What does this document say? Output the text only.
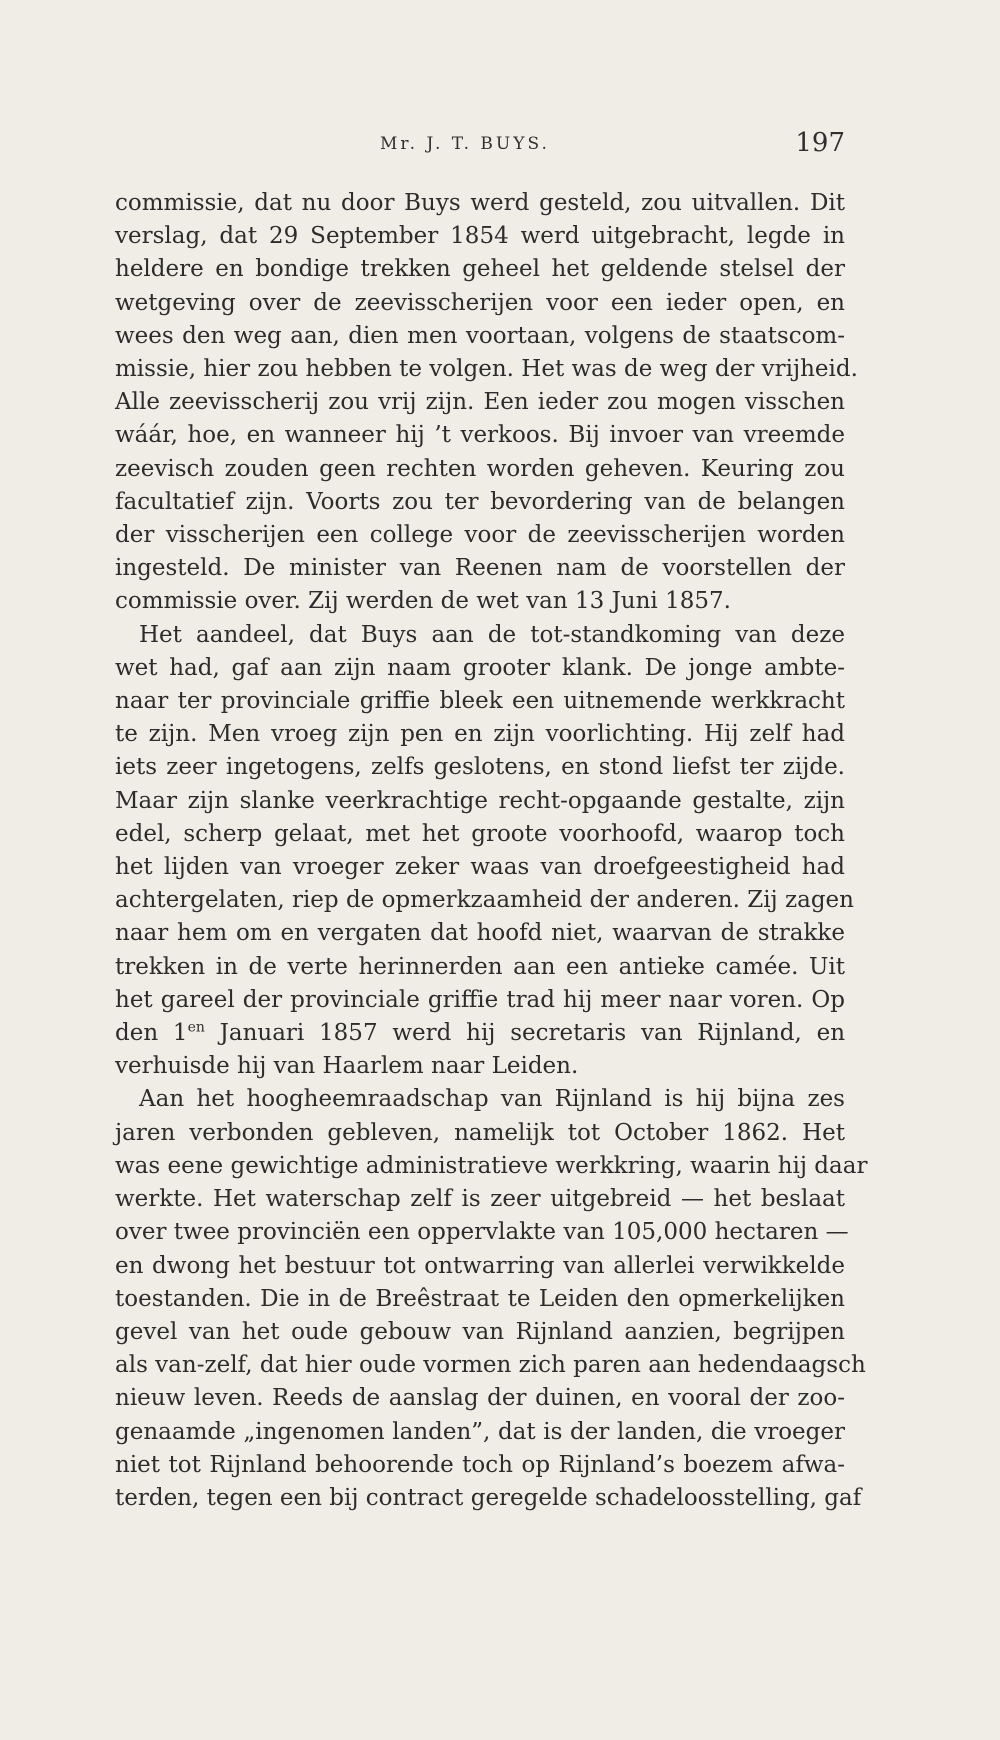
Mr. J. T. BUYS.	197
commissie, dat nu door Buys werd gesteld, zou uitvallen. Dit
verslag, dat 29 September 1854 werd uitgebracht, legde in
heldere en bondige trekken geheel het geldende stelsel der
wetgeving over de zeevisscherijen voor een ieder open, en
wees den weg aan, dien men voortaan, volgens de staatscom-
missie, hier zou hebben te volgen. Het was de weg der vrijheid.
Alle zeevisscherij zou vrij zijn. Een ieder zou mogen visschen
wáár, hoe, en wanneer hij ’t verkoos. Bij invoer van vreemde
zeevisch zouden geen rechten worden geheven. Keuring zou
facultatief zijn. Voorts zou ter bevordering van de belangen
der visscherijen een college voor de zeevisscherijen worden
ingesteld. De minister van Reenen nam de voorstellen der
commissie over. Zij werden de wet van 13 Juni 1857.
Het aandeel, dat Buys aan de tot-standkoming van deze
wet had, gaf aan zijn naam grooter klank. De jonge ambte-
naar ter provinciale griffie bleek een uitnemende werkkracht
te zijn. Men vroeg zijn pen en zijn voorlichting. Hij zelf had
iets zeer ingetogens, zelfs geslotens, en stond liefst ter zijde.
Maar zijn slanke veerkrachtige recht-opgaande gestalte, zijn
edel, scherp gelaat, met het groote voorhoofd, waarop toch
het lijden van vroeger zeker waas van droefgeestigheid had
achtergelaten, riep de opmerkzaamheid der anderen. Zij zagen
naar hem om en vergaten dat hoofd niet, waarvan de strakke
trekken in de verte herinnerden aan een antieke camée. Uit
het gareel der provinciale griffie trad hij meer naar voren. Op
den $1^{en}$ Januari 1857 werd hij secretaris van Rijnland, en
verhuisde hij van Haarlem naar Leiden.
Aan het hoogheemraadschap van Rijnland is hij bijna zes
jaren verbonden gebleven, namelijk tot October 1862. Het
was eene gewichtige administratieve werkkring, waarin hij daar
werkte. Het waterschap zelf is zeer uitgebreid — het beslaat
over twee provinciën een oppervlakte van 105,000 hectaren —
en dwong het bestuur tot ontwarring van allerlei verwikkelde
toestanden. Die in de Breêstraat te Leiden den opmerkelijken
gevel van het oude gebouw van Rijnland aanzien, begrijpen
als van-zelf, dat hier oude vormen zich paren aan hedendaagsch
nieuw leven. Reeds de aanslag der duinen, en vooral der zoo-
genaamde „ingenomen landen”, dat is der landen, die vroeger
niet tot Rijnland behoorende toch op Rijnland’s boezem afwa-
terden, tegen een bij contract geregelde schadeloosstelling, gaf
